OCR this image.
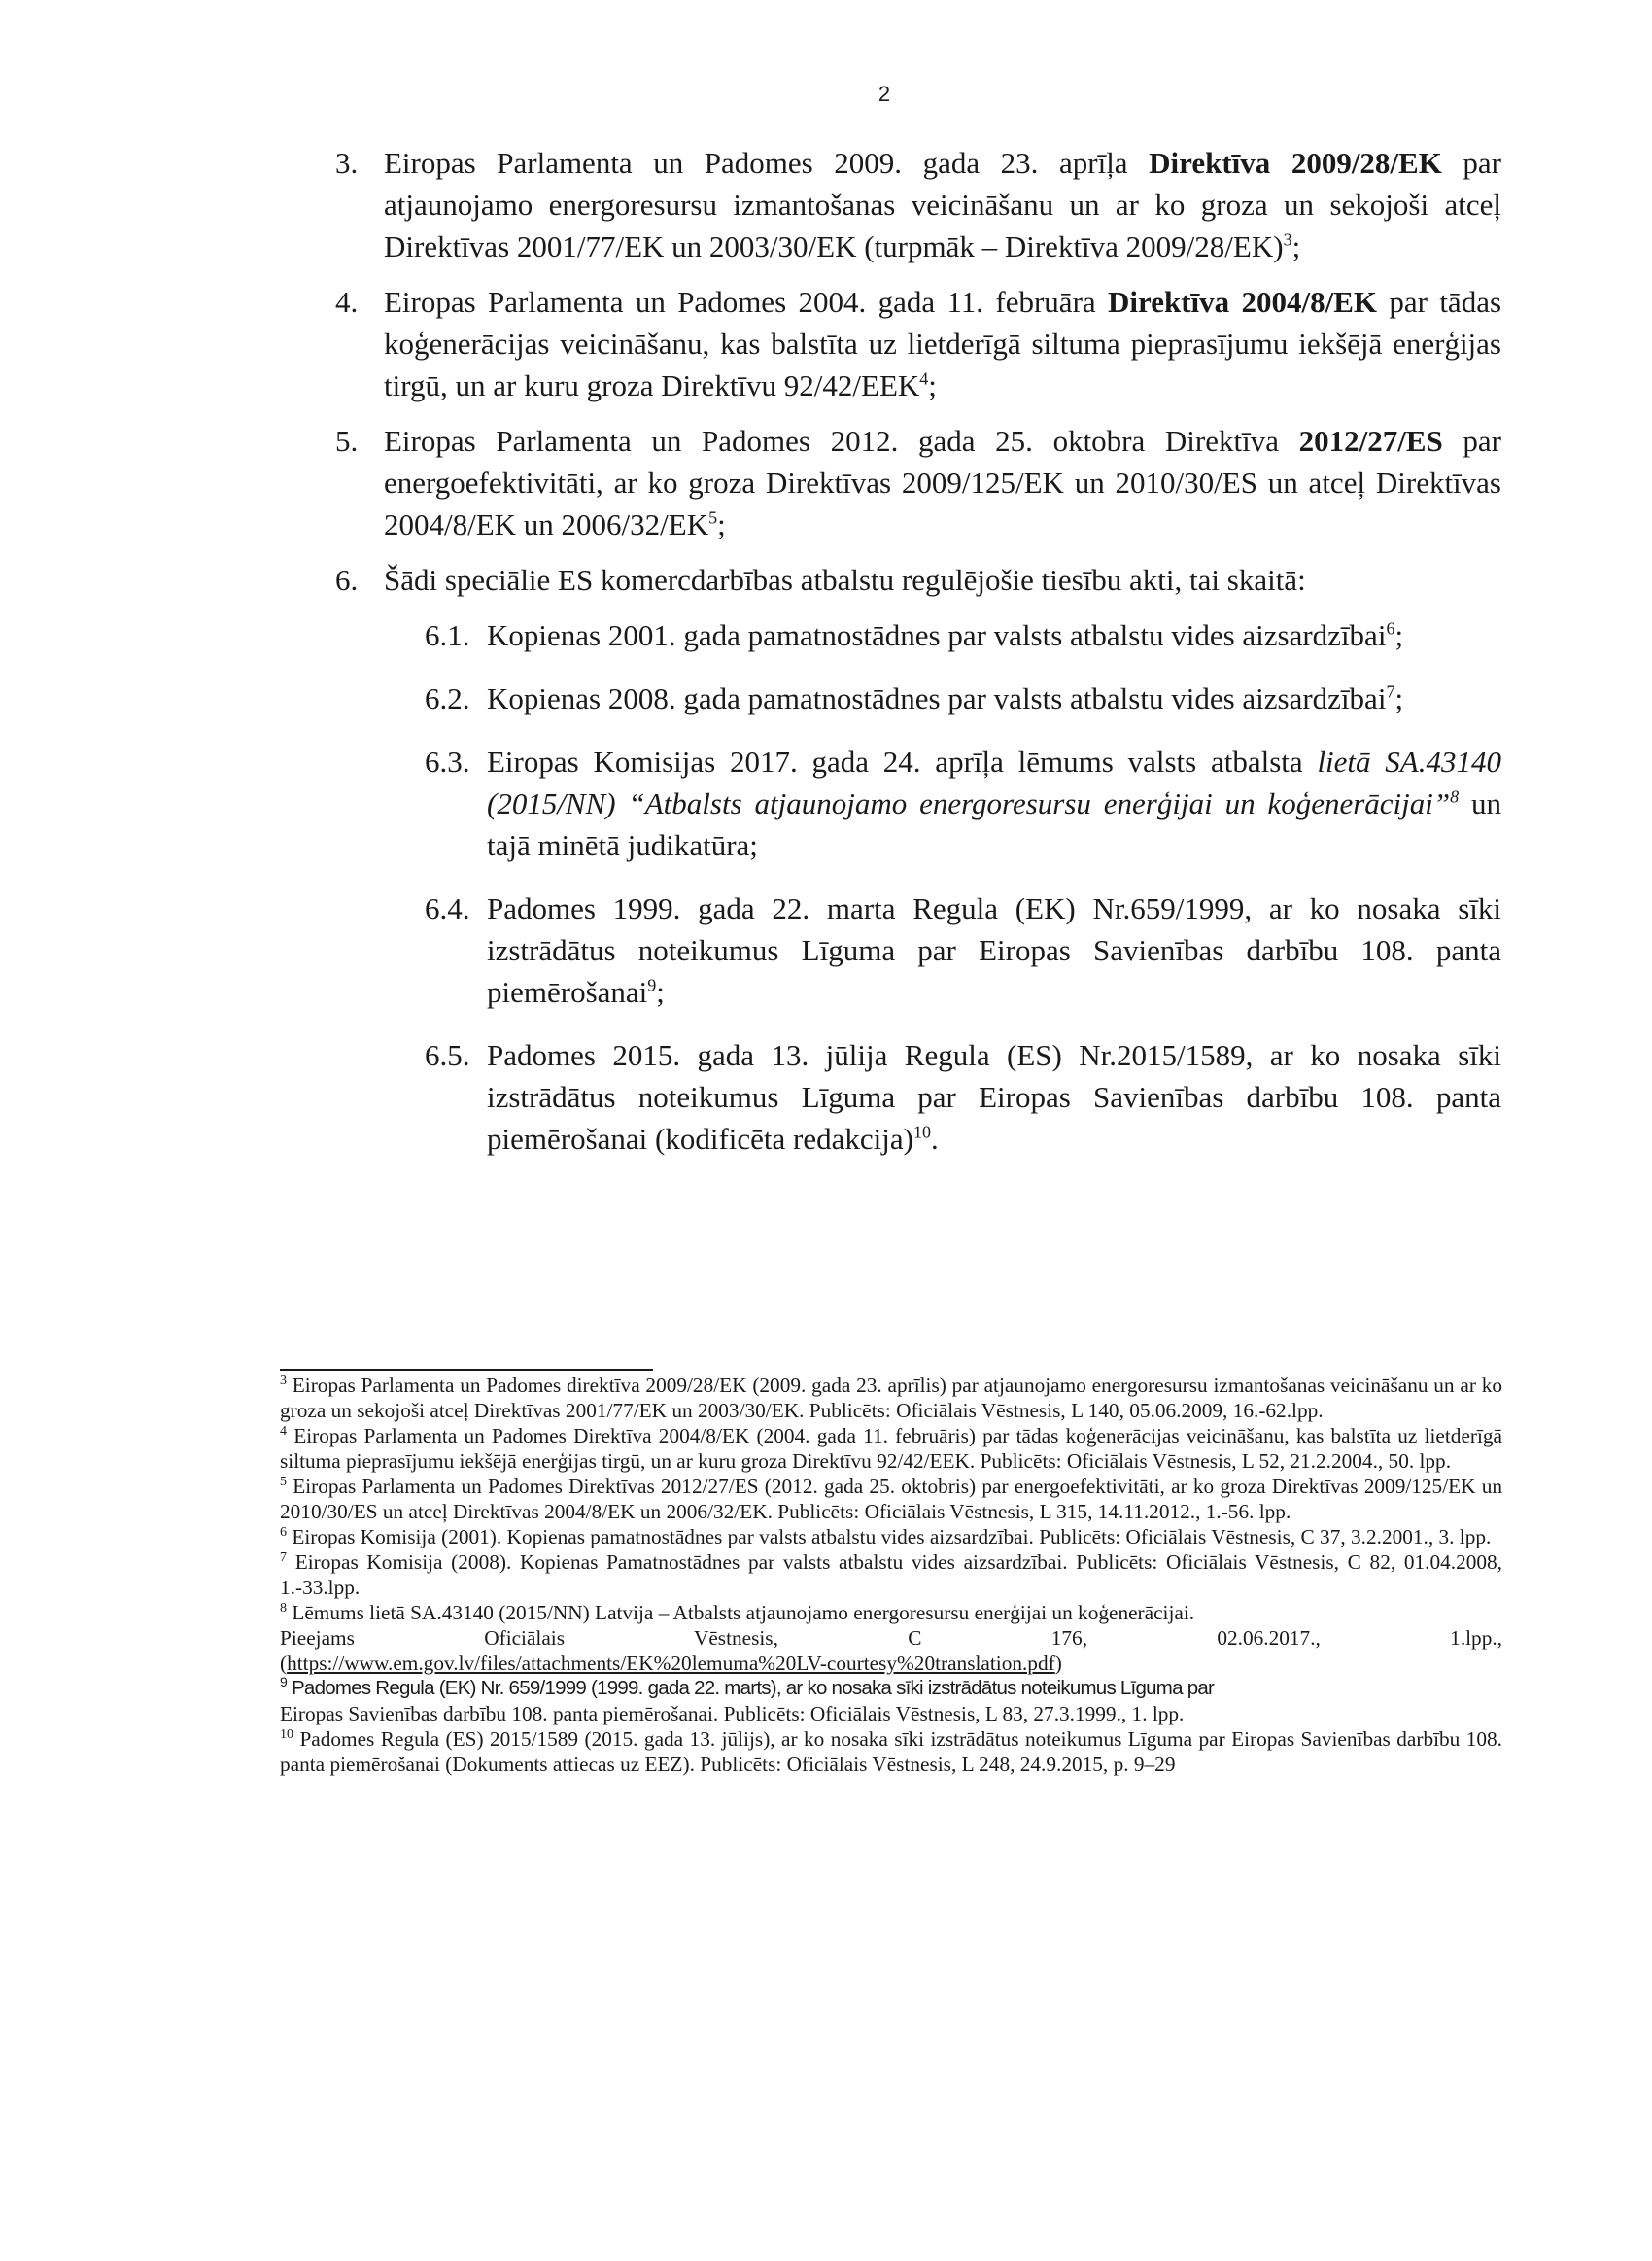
2
3. Eiropas Parlamenta un Padomes 2009. gada 23. aprīļa Direktīva 2009/28/EK par atjaunojamo energoresursu izmantošanas veicināšanu un ar ko groza un sekojoši atceļ Direktīvas 2001/77/EK un 2003/30/EK (turpmāk – Direktīva 2009/28/EK)$^3$;
4. Eiropas Parlamenta un Padomes 2004. gada 11. februāra Direktīva 2004/8/EK par tādas koģenerācijas veicināšanu, kas balstīta uz lietderīgā siltuma pieprasījumu iekšējā enerģijas tirgū, un ar kuru groza Direktīvu 92/42/EEK$^4$;
5. Eiropas Parlamenta un Padomes 2012. gada 25. oktobra Direktīva 2012/27/ES par energoefektivitāti, ar ko groza Direktīvas 2009/125/EK un 2010/30/ES un atceļ Direktīvas 2004/8/EK un $2006/32/EK^5$;
6. Šādi speciālie ES komercdarbības atbalstu regulējošie tiesību akti, tai skaitā:
6.1. Kopienas 2001. gada pamatnostādnes par valsts atbalstu vides aizsardzībai$^6$;
6.2. Kopienas 2008. gada pamatnostādnes par valsts atbalstu vides aizsardzībai$^7$;
6.3. Eiropas Komisijas 2017. gada 24. aprīļa lēmums valsts atbalsta lietā SA.43140 (2015/NN) “Atbalsts atjaunojamo energoresursu enerģijai un koģenerācijai”$^8$ un tajā minētā judikatūra;
6.4. Padomes 1999. gada 22. marta Regula (EK) Nr.659/1999, ar ko nosaka sīki izstrādātus noteikumus Līguma par Eiropas Savienības darbību 108. panta piemērošanai$^9$;
6.5. Padomes 2015. gada 13. jūlija Regula (ES) Nr.2015/1589, ar ko nosaka sīki izstrādātus noteikumus Līguma par Eiropas Savienības darbību 108. panta piemērošanai (kodificēta redakcija)$^{10}$.

$^3$ Eiropas Parlamenta un Padomes direktīva 2009/28/EK (2009. gada 23. aprīlis) par atjaunojamo energoresursu izmantošanas veicināšanu un ar ko groza un sekojoši atceļ Direktīvas 2001/77/EK un 2003/30/EK. Publicēts: Oficiālais Vēstnesis, L 140, 05.06.2009, 16.-62.lpp.

$^4$ Eiropas Parlamenta un Padomes Direktīva 2004/8/EK (2004. gada 11. februāris) par tādas koģenerācijas veicināšanu, kas balstīta uz lietderīgā siltuma pieprasījumu iekšējā enerģijas tirgū, un ar kuru groza Direktīvu 92/42/EEK. Publicēts: Oficiālais Vēstnesis, L 52, 21.2.2004., 50. lpp.

$^5$ Eiropas Parlamenta un Padomes Direktīvas 2012/27/ES (2012. gada 25. oktobris) par energoefektivitāti, ar ko groza Direktīvas 2009/125/EK un 2010/30/ES un atceļ Direktīvas 2004/8/EK un 2006/32/EK. Publicēts: Oficiālais Vēstnesis, L 315, 14.11.2012., 1.-56. lpp.

$^6$ Eiropas Komisija (2001). Kopienas pamatnostādnes par valsts atbalstu vides aizsardzībai. Publicēts: Oficiālais Vēstnesis, C 37, 3.2.2001., 3. lpp.

$^7$ Eiropas Komisija (2008). Kopienas Pamatnostādnes par valsts atbalstu vides aizsardzībai. Publicēts: Oficiālais Vēstnesis, C 82, 01.04.2008, 1.-33.lpp.

$^8$ Lēmums lietā SA.43140 (2015/NN) Latvija – Atbalsts atjaunojamo energoresursu enerģijai un koģenerācijai.
Pieejams Oficiālais Vēstnesis, C 176, 02.06.2017., 1.lpp.,
(https://www.em.gov.lv/files/attachments/EK%20lemuma%20LV-courtesy%20translation.pdf)

$^9$ Padomes Regula (EK) Nr. 659/1999 (1999. gada 22. marts), ar ko nosaka sīki izstrādātus noteikumus Līguma par
Eiropas Savienības darbību 108. panta piemērošanai. Publicēts: Oficiālais Vēstnesis, L 83, 27.3.1999., 1. lpp.

$^{10}$ Padomes Regula (ES) 2015/1589 (2015. gada 13. jūlijs), ar ko nosaka sīki izstrādātus noteikumus Līguma par Eiropas Savienības darbību 108. panta piemērošanai (Dokuments attiecas uz EEZ). Publicēts: Oficiālais Vēstnesis, L 248, 24.9.2015, p. 9–29
